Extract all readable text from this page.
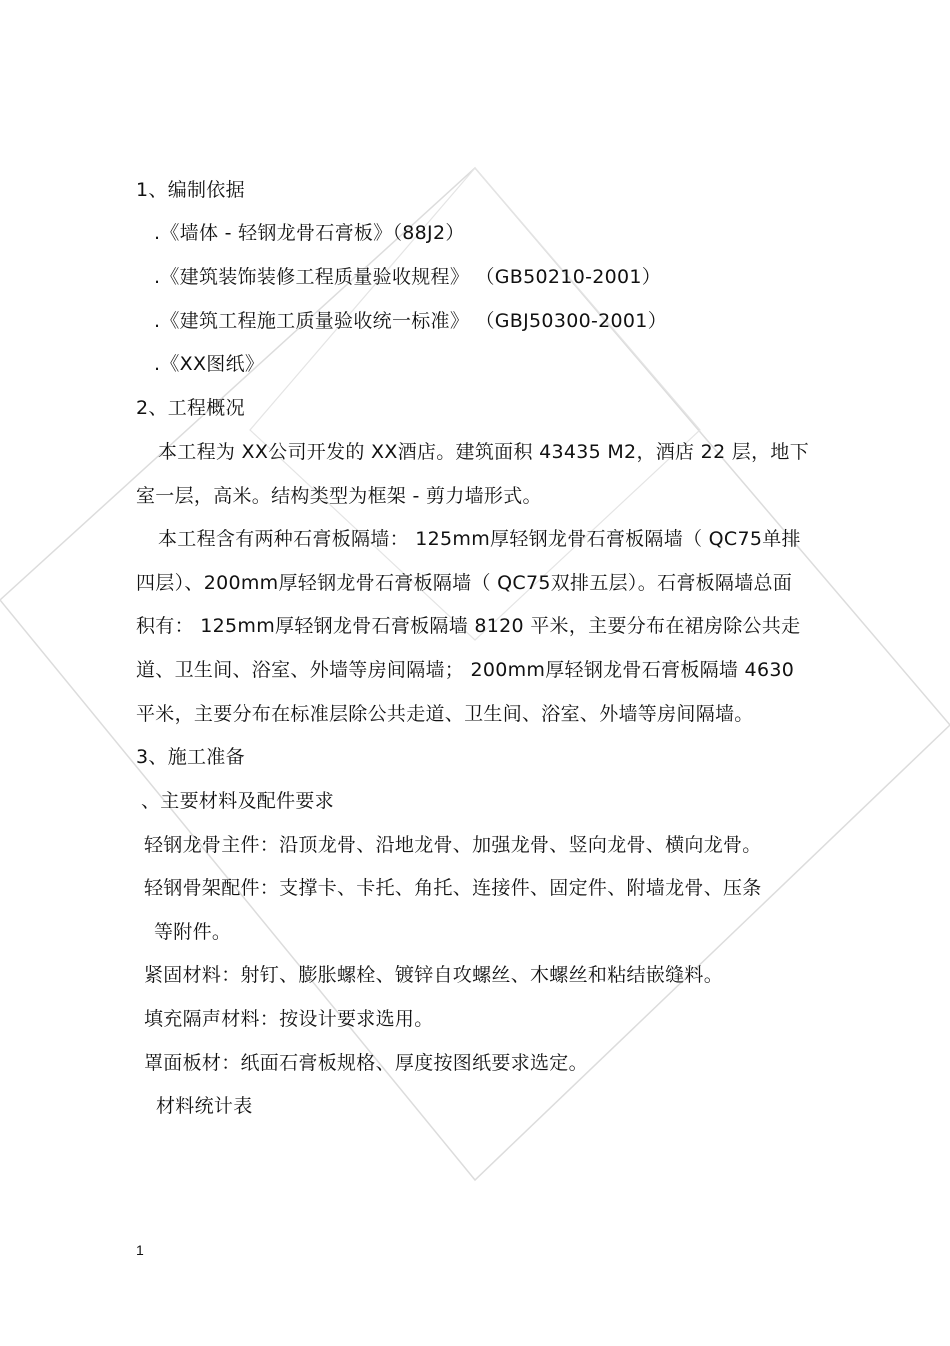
1、编制依据
.《墙体 - 轻钢龙骨石膏板》（88J2）
.《建筑装饰装修工程质量验收规程》 （GB50210-2001）
.《建筑工程施工质量验收统一标准》 （GBJ50300-2001）
.《XX图纸》
2、工程概况
本工程为 XX公司开发的 XX酒店。建筑面积 43435 M2，酒店 22 层，地下
室一层，高米。结构类型为框架 - 剪力墙形式。
本工程含有两种石膏板隔墙： 125mm厚轻钢龙骨石膏板隔墙（ QC75单排
四层）、200mm厚轻钢龙骨石膏板隔墙（ QC75双排五层）。石膏板隔墙总面
积有： 125mm厚轻钢龙骨石膏板隔墙 8120 平米，主要分布在裙房除公共走
道、卫生间、浴室、外墙等房间隔墙； 200mm厚轻钢龙骨石膏板隔墙 4630
平米，主要分布在标准层除公共走道、卫生间、浴室、外墙等房间隔墙。
3、施工准备
、主要材料及配件要求
轻钢龙骨主件：沿顶龙骨、沿地龙骨、加强龙骨、竖向龙骨、横向龙骨。
轻钢骨架配件：支撑卡、卡托、角托、连接件、固定件、附墙龙骨、压条
等附件。
紧固材料：射钉、膨胀螺栓、镀锌自攻螺丝、木螺丝和粘结嵌缝料。
填充隔声材料：按设计要求选用。
罩面板材：纸面石膏板规格、厚度按图纸要求选定。
材料统计表
1
